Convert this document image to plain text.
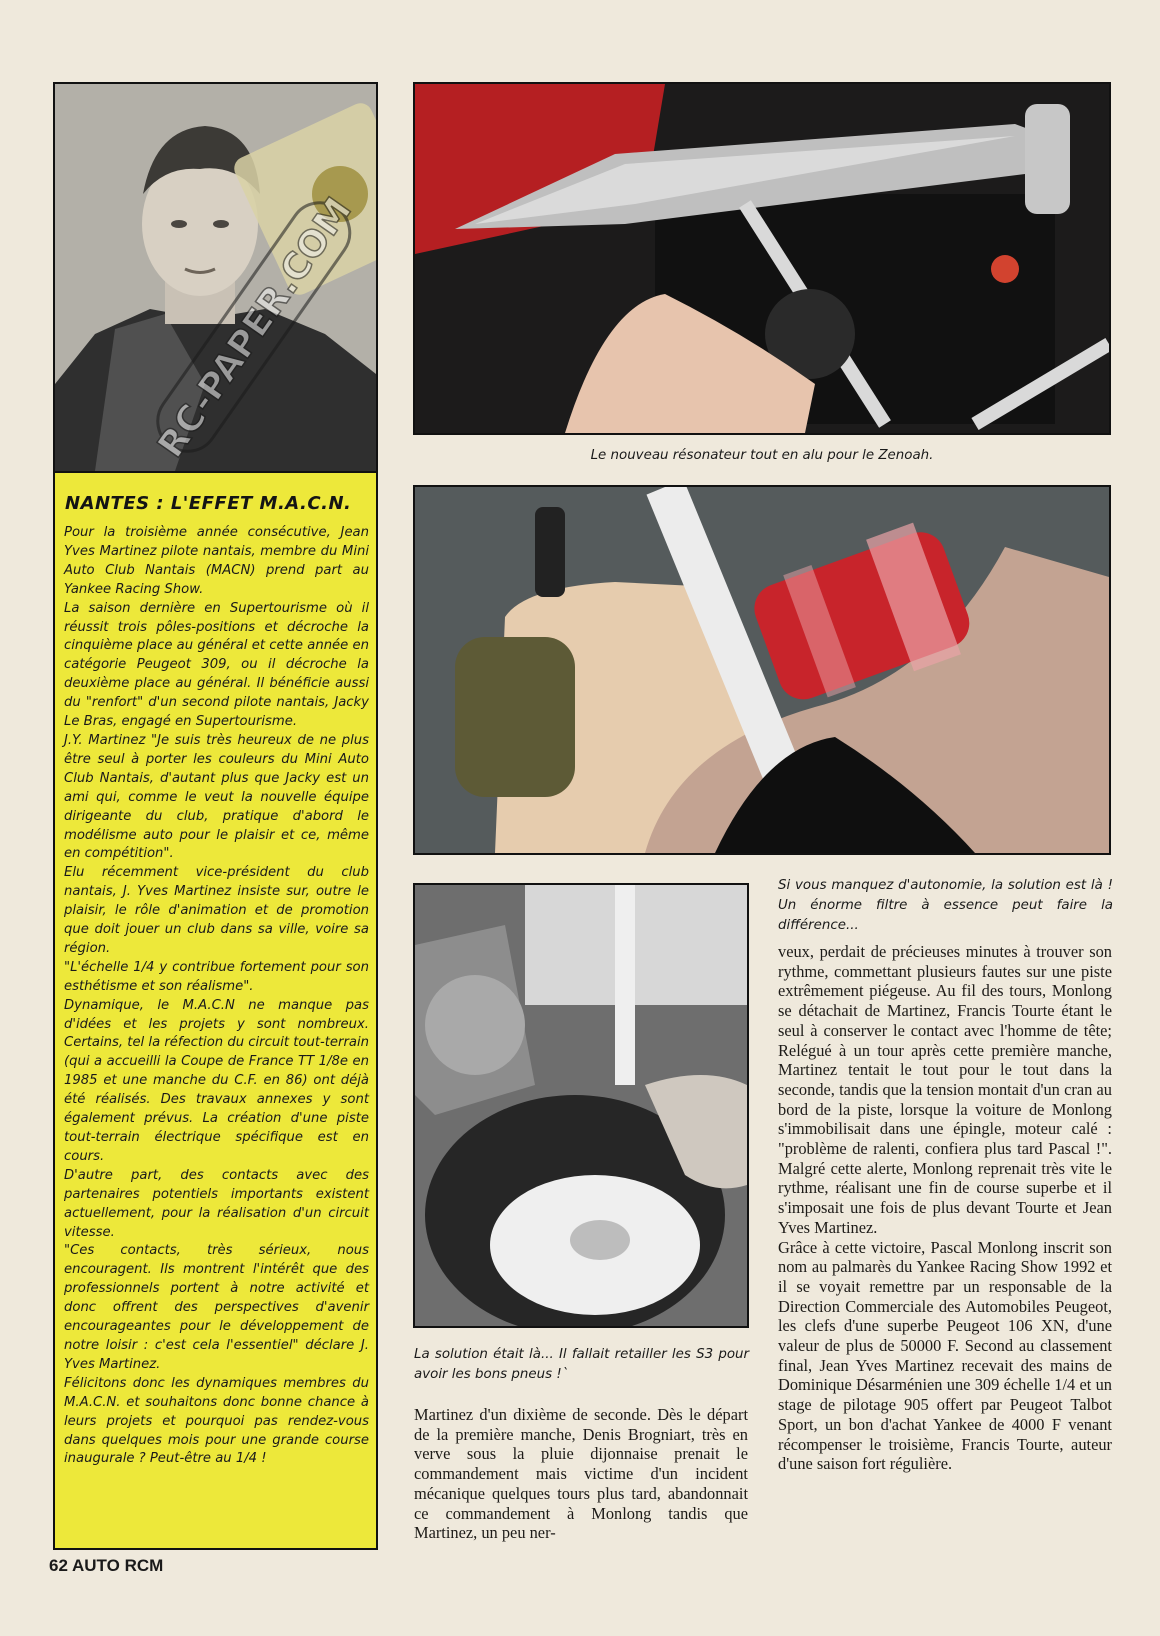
RC-PAPER.COM
NANTES : L'EFFET M.A.C.N.

Pour la troisième année consécutive, Jean Yves Martinez pilote nantais, membre du Mini Auto Club Nantais (MACN) prend part au Yankee Racing Show.

La saison dernière en Supertourisme où il réussit trois pôles-positions et décroche la cinquième place au général et cette année en catégorie Peugeot 309, ou il décroche la deuxième place au général. Il bénéficie aussi du "renfort" d'un second pilote nantais, Jacky Le Bras, engagé en Supertourisme.

J.Y. Martinez "Je suis très heureux de ne plus être seul à porter les couleurs du Mini Auto Club Nantais, d'autant plus que Jacky est un ami qui, comme le veut la nouvelle équipe dirigeante du club, pratique d'abord le modélisme auto pour le plaisir et ce, même en compétition".

Elu récemment vice-président du club nantais, J. Yves Martinez insiste sur, outre le plaisir, le rôle d'animation et de promotion que doit jouer un club dans sa ville, voire sa région.

"L'échelle 1/4 y contribue fortement pour son esthétisme et son réalisme".

Dynamique, le M.A.C.N ne manque pas d'idées et les projets y sont nombreux. Certains, tel la réfection du circuit tout-terrain (qui a accueilli la Coupe de France TT 1/8e en 1985 et une manche du C.F. en 86) ont déjà été réalisés. Des travaux annexes y sont également prévus. La création d'une piste tout-terrain électrique spécifique est en cours.

D'autre part, des contacts avec des partenaires potentiels importants existent actuellement, pour la réalisation d'un circuit vitesse.

"Ces contacts, très sérieux, nous encouragent. Ils montrent l'intérêt que des professionnels portent à notre activité et donc offrent des perspectives d'avenir encourageantes pour le développement de notre loisir : c'est cela l'essentiel" déclare J. Yves Martinez.

Félicitons donc les dynamiques membres du M.A.C.N. et souhaitons donc bonne chance à leurs projets et pourquoi pas rendez-vous dans quelques mois pour une grande course inaugurale ? Peut-être au 1/4 !

Le nouveau résonateur tout en alu pour le Zenoah.
Si vous manquez d'autonomie, la solution est là ! Un énorme filtre à essence peut faire la différence...
La solution était là... Il fallait retailler les S3 pour avoir les bons pneus !`

Martinez d'un dixième de seconde. Dès le départ de la première manche, Denis Brogniart, très en verve sous la pluie dijonnaise prenait le commandement mais victime d'un incident mécanique quelques tours plus tard, abandonnait ce commandement à Monlong tandis que Martinez, un peu ner-

veux, perdait de précieuses minutes à trouver son rythme, commettant plusieurs fautes sur une piste extrêmement piégeuse. Au fil des tours, Monlong se détachait de Martinez, Francis Tourte étant le seul à conserver le contact avec l'homme de tête; Relégué à un tour après cette première manche, Martinez tentait le tout pour le tout dans la seconde, tandis que la tension montait d'un cran au bord de la piste, lorsque la voiture de Monlong s'immobilisait dans une épingle, moteur calé : "problème de ralenti, confiera plus tard Pascal !". Malgré cette alerte, Monlong reprenait très vite le rythme, réalisant une fin de course superbe et il s'imposait une fois de plus devant Tourte et Jean Yves Martinez.

Grâce à cette victoire, Pascal Monlong inscrit son nom au palmarès du Yankee Racing Show 1992 et il se voyait remettre par un responsable de la Direction Commerciale des Automobiles Peugeot, les clefs d'une superbe Peugeot 106 XN, d'une valeur de plus de 50000 F. Second au classement final, Jean Yves Martinez recevait des mains de Dominique Désarménien une 309 échelle 1/4 et un stage de pilotage 905 offert par Peugeot Talbot Sport, un bon d'achat Yankee de 4000 F venant récompenser le troisième, Francis Tourte, auteur d'une saison fort régulière.

62 AUTO RCM
